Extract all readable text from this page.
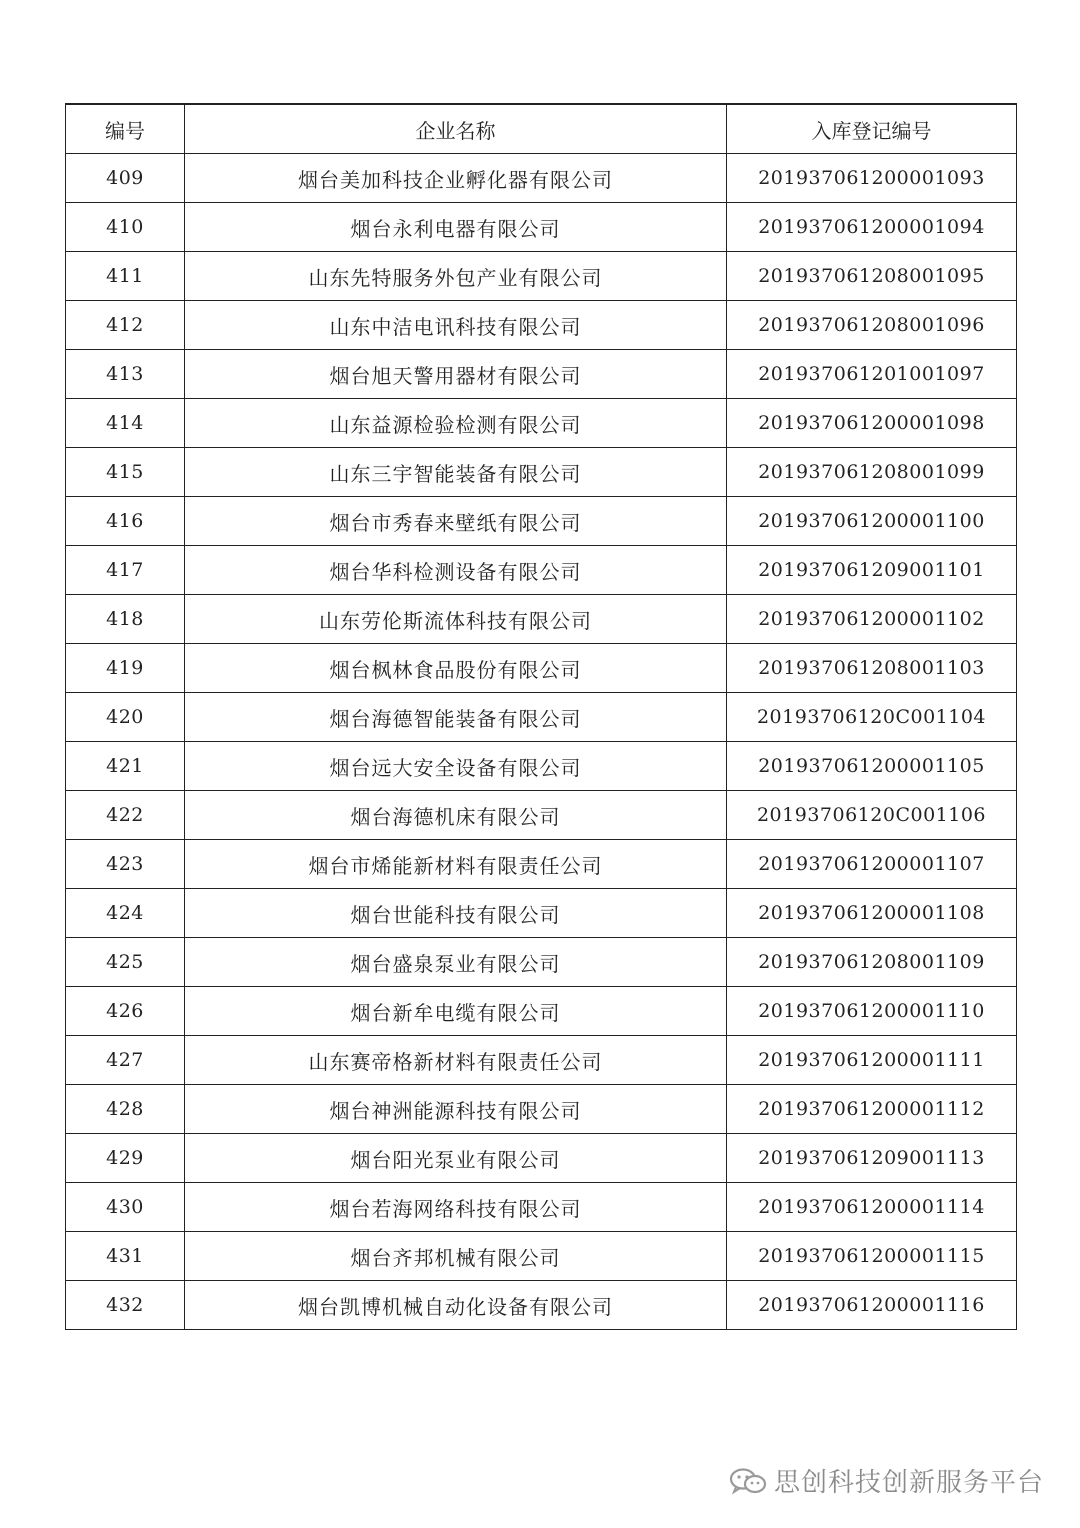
编号	企业名称	入库登记编号
409	烟台美加科技企业孵化器有限公司	201937061200001093
410	烟台永利电器有限公司	201937061200001094
411	山东先特服务外包产业有限公司	201937061208001095
412	山东中洁电讯科技有限公司	201937061208001096
413	烟台旭天警用器材有限公司	201937061201001097
414	山东益源检验检测有限公司	201937061200001098
415	山东三宇智能装备有限公司	201937061208001099
416	烟台市秀春来壁纸有限公司	201937061200001100
417	烟台华科检测设备有限公司	201937061209001101
418	山东劳伦斯流体科技有限公司	201937061200001102
419	烟台枫林食品股份有限公司	201937061208001103
420	烟台海德智能装备有限公司	20193706120C001104
421	烟台远大安全设备有限公司	201937061200001105
422	烟台海德机床有限公司	20193706120C001106
423	烟台市烯能新材料有限责任公司	201937061200001107
424	烟台世能科技有限公司	201937061200001108
425	烟台盛泉泵业有限公司	201937061208001109
426	烟台新牟电缆有限公司	201937061200001110
427	山东赛帝格新材料有限责任公司	201937061200001111
428	烟台神洲能源科技有限公司	201937061200001112
429	烟台阳光泵业有限公司	201937061209001113
430	烟台若海网络科技有限公司	201937061200001114
431	烟台齐邦机械有限公司	201937061200001115
432	烟台凯博机械自动化设备有限公司	201937061200001116
思创科技创新服务平台
